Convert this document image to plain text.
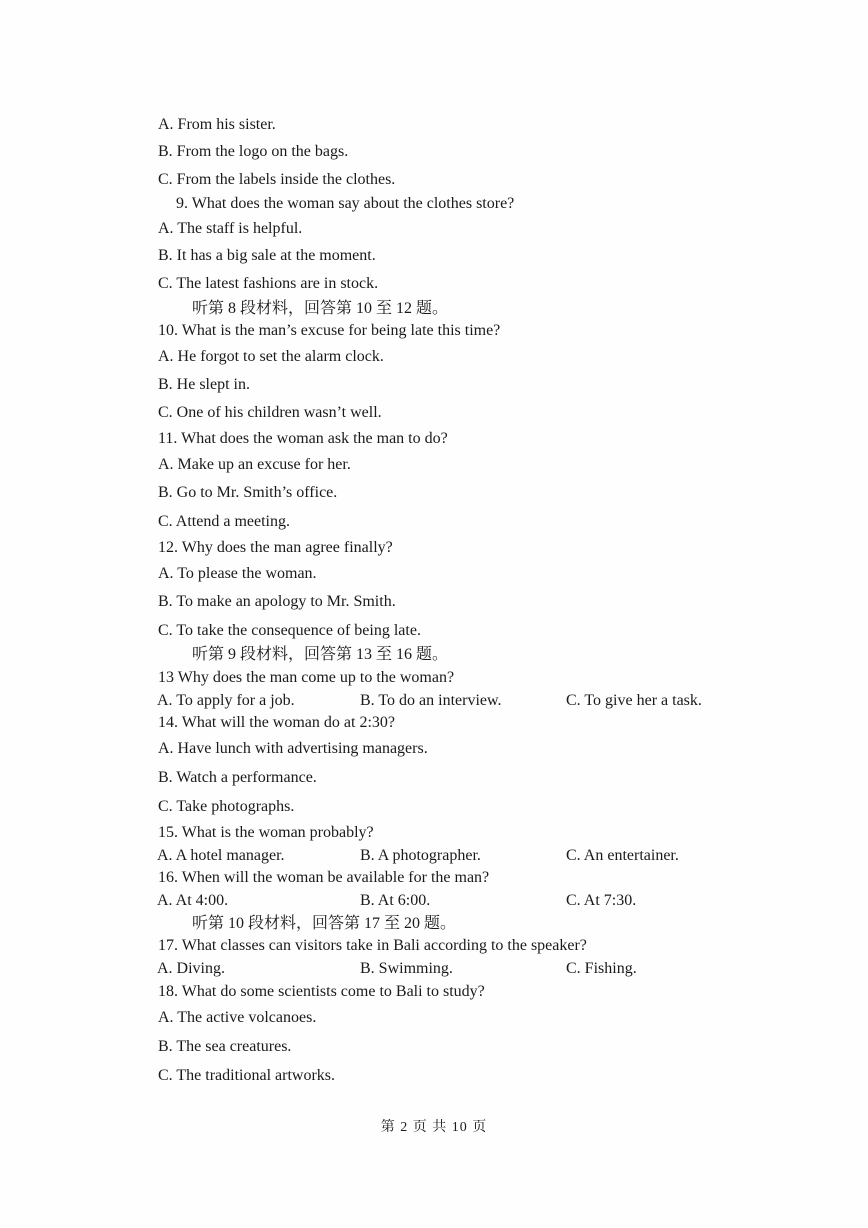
A. From his sister.
B. From the logo on the bags.
C. From the labels inside the clothes.
9. What does the woman say about the clothes store?
A. The staff is helpful.
B. It has a big sale at the moment.
C. The latest fashions are in stock.
听第 8 段材料，回答第 10 至 12 题。
10. What is the man’s excuse for being late this time?
A. He forgot to set the alarm clock.
B. He slept in.
C. One of his children wasn’t well.
11. What does the woman ask the man to do?
A. Make up an excuse for her.
B. Go to Mr. Smith’s office.
C. Attend a meeting.
12. Why does the man agree finally?
A. To please the woman.
B. To make an apology to Mr. Smith.
C. To take the consequence of being late.
听第 9 段材料，回答第 13 至 16 题。
13 Why does the man come up to the woman?
A. To apply for a job.	B. To do an interview.	C. To give her a task.
14. What will the woman do at 2:30?
A. Have lunch with advertising managers.
B. Watch a performance.
C. Take photographs.
15. What is the woman probably?
A. A hotel manager.	B. A photographer.	C. An entertainer.
16. When will the woman be available for the man?
A. At 4:00.	B. At 6:00.	C. At 7:30.
听第 10 段材料，回答第 17 至 20 题。
17. What classes can visitors take in Bali according to the speaker?
A. Diving.	B. Swimming.	C. Fishing.
18. What do some scientists come to Bali to study?
A. The active volcanoes.
B. The sea creatures.
C. The traditional artworks.
第 2 页 共 10 页
